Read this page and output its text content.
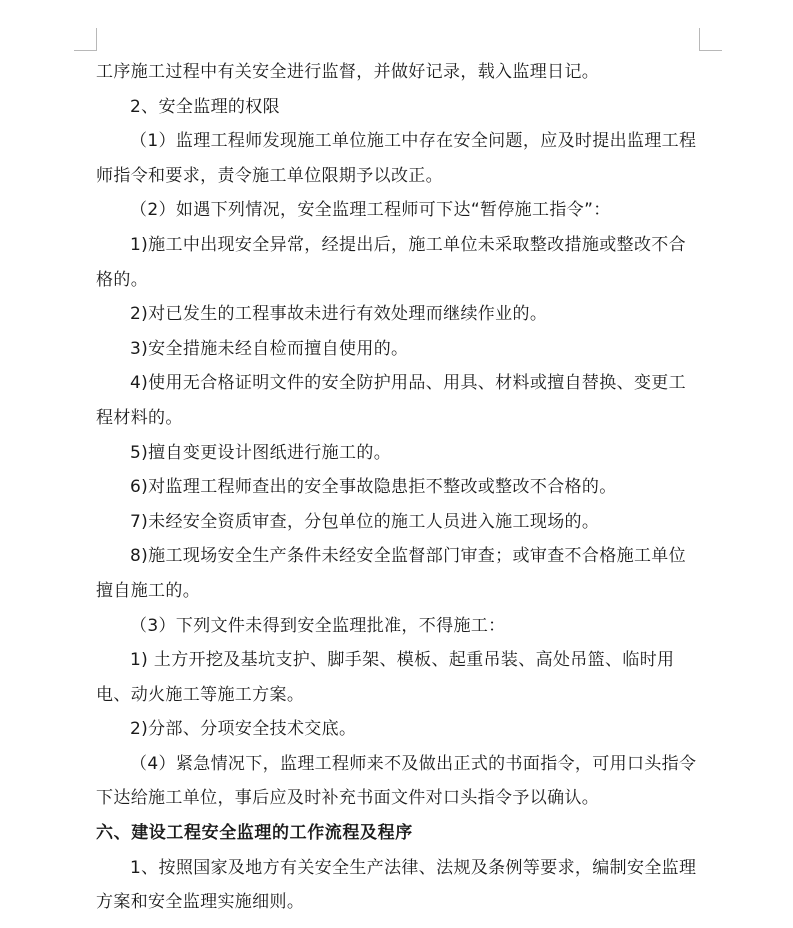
工序施工过程中有关安全进行监督，并做好记录，载入监理日记。

2、安全监理的权限

（1）监理工程师发现施工单位施工中存在安全问题，应及时提出监理工程师指令和要求，责令施工单位限期予以改正。

（2）如遇下列情况，安全监理工程师可下达“暂停施工指令”：

1)施工中出现安全异常，经提出后，施工单位未采取整改措施或整改不合格的。

2)对已发生的工程事故未进行有效处理而继续作业的。

3)安全措施未经自检而擅自使用的。

4)使用无合格证明文件的安全防护用品、用具、材料或擅自替换、变更工程材料的。

5)擅自变更设计图纸进行施工的。

6)对监理工程师查出的安全事故隐患拒不整改或整改不合格的。

7)未经安全资质审查，分包单位的施工人员进入施工现场的。

8)施工现场安全生产条件未经安全监督部门审查；或审查不合格施工单位擅自施工的。

（3）下列文件未得到安全监理批准，不得施工：

1) 土方开挖及基坑支护、脚手架、模板、起重吊装、高处吊篮、临时用电、动火施工等施工方案。

2)分部、分项安全技术交底。

（4）紧急情况下，监理工程师来不及做出正式的书面指令，可用口头指令下达给施工单位，事后应及时补充书面文件对口头指令予以确认。

六、建设工程安全监理的工作流程及程序

1、按照国家及地方有关安全生产法律、法规及条例等要求，编制安全监理方案和安全监理实施细则。
